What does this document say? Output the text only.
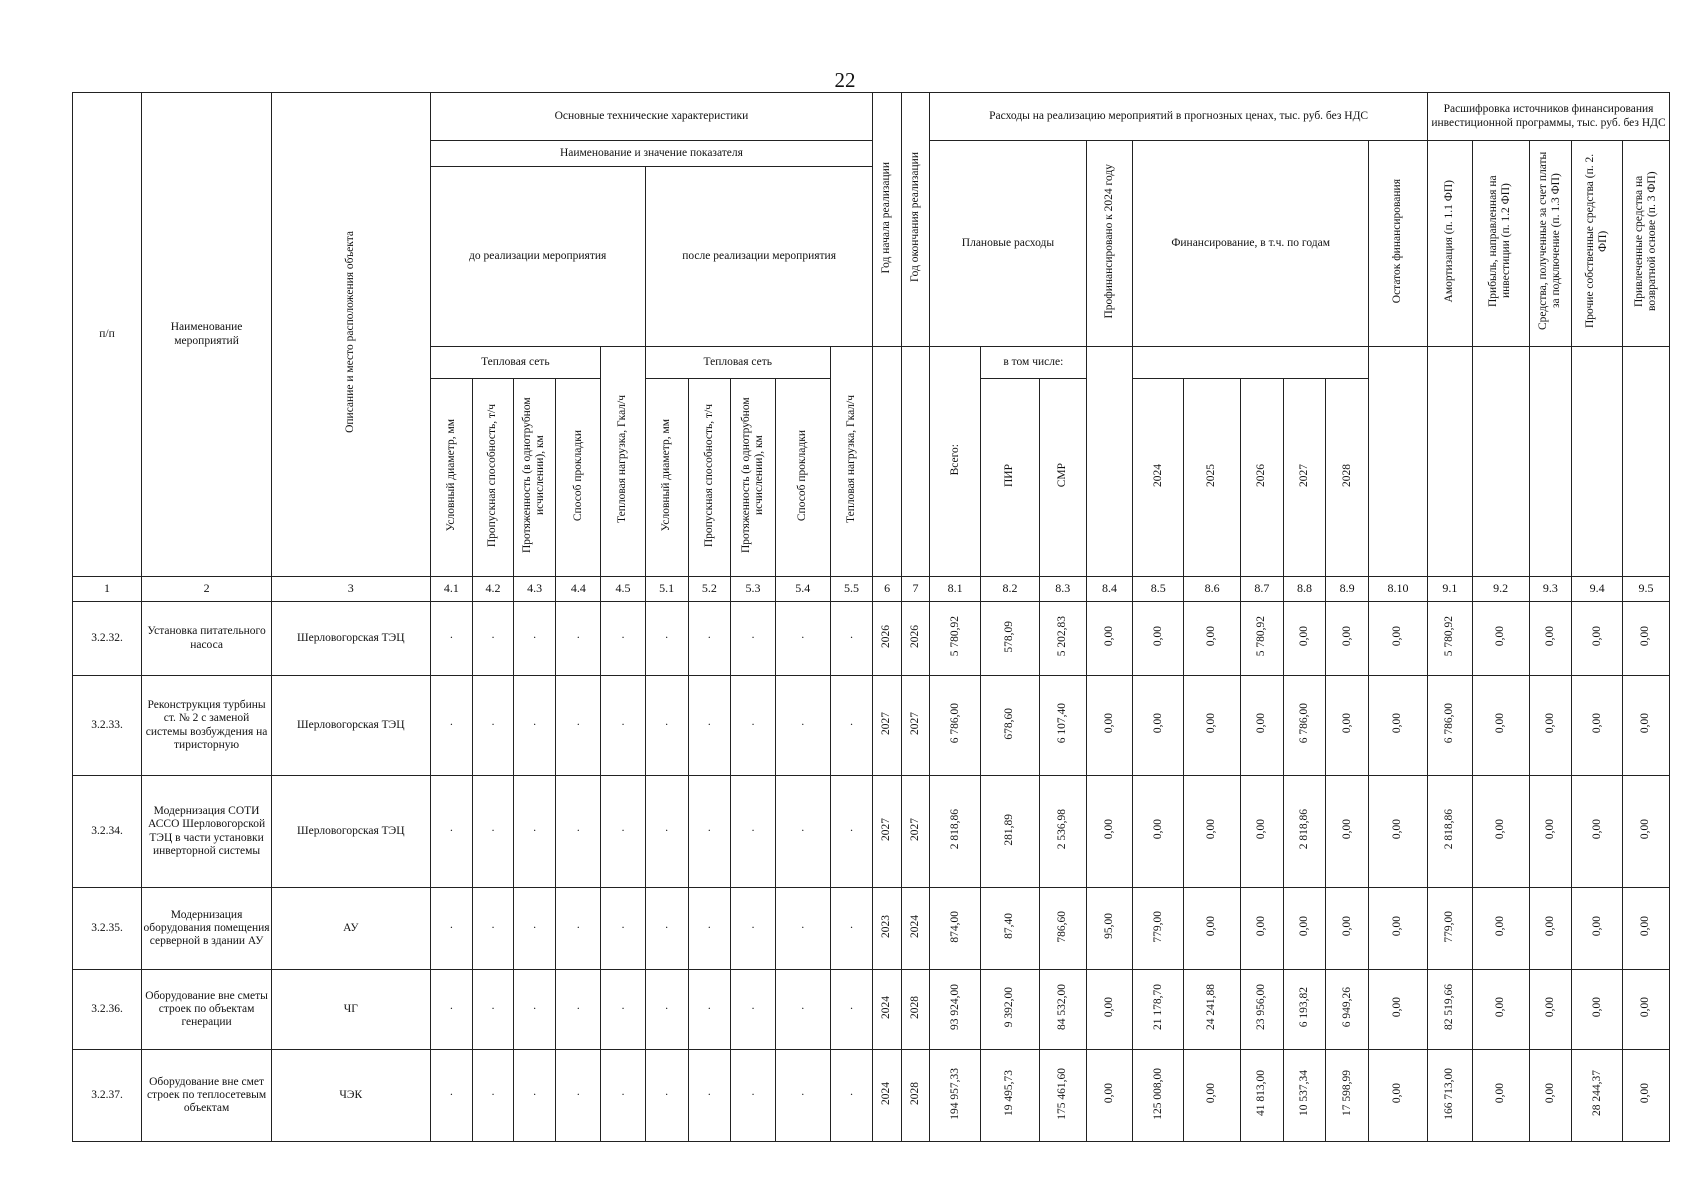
22
п/п	Наименование мероприятий	Описание и место расположения объекта	Основные технические характеристики										Год начала реализации	Год окончания реализации	Расходы на реализацию мероприятий в прогнозных ценах, тыс. руб. без НДС										Расшифровка источников финансирования инвестиционной программы, тыс. руб. без НДС				
			Наименование и значение показателя												Плановые расходы			Профинансировано к 2024 году	Финансирование, в т.ч. по годам					Остаток финансирования	Амортизация (п. 1.1 ФП)	Прибыль, направленная на инвестиции (п. 1.2 ФП)	Средства, полученные за счет платы за подключение (п. 1.3 ФП)	Прочие собственные средства (п. 2. ФП)	Привлеченные средства на возвратной основе (п. 3 ФП)
			до реализации мероприятия					после реализации мероприятия																					
			Тепловая сеть				Тепловая нагрузка, Гкал/ч	Тепловая сеть				Тепловая нагрузка, Гкал/ч			Всего:	в том числе:													
			Условный диаметр, мм	Пропускная способность, т/ч	Протяженность (в однотрубном исчислении), км	Способ прокладки		Условный диаметр, мм	Пропускная способность, т/ч	Протяженность (в однотрубном исчислении), км	Способ прокладки					ПИР	СМР		2024	2025	2026	2027	2028						
1	2	3	4.1	4.2	4.3	4.4	4.5	5.1	5.2	5.3	5.4	5.5	6	7	8.1	8.2	8.3	8.4	8.5	8.6	8.7	8.8	8.9	8.10	9.1	9.2	9.3	9.4	9.5
3.2.32.	Установка питательного насоса	Шерловогорская ТЭЦ	·	·	·	·	·	·	·	·	·	·	2026	2026	5 780,92	578,09	5 202,83	0,00	0,00	0,00	5 780,92	0,00	0,00	0,00	5 780,92	0,00	0,00	0,00	0,00
3.2.33.	Реконструкция турбины ст. № 2 с заменой системы возбуждения на тиристорную	Шерловогорская ТЭЦ	·	·	·	·	·	·	·	·	·	·	2027	2027	6 786,00	678,60	6 107,40	0,00	0,00	0,00	0,00	6 786,00	0,00	0,00	6 786,00	0,00	0,00	0,00	0,00
3.2.34.	Модернизация СОТИ АССО Шерловогорской ТЭЦ в части установки инверторной системы	Шерловогорская ТЭЦ	·	·	·	·	·	·	·	·	·	·	2027	2027	2 818,86	281,89	2 536,98	0,00	0,00	0,00	0,00	2 818,86	0,00	0,00	2 818,86	0,00	0,00	0,00	0,00
3.2.35.	Модернизация оборудования помещения серверной в здании АУ	АУ	·	·	·	·	·	·	·	·	·	·	2023	2024	874,00	87,40	786,60	95,00	779,00	0,00	0,00	0,00	0,00	0,00	779,00	0,00	0,00	0,00	0,00
3.2.36.	Оборудование вне сметы строек по объектам генерации	ЧГ	·	·	·	·	·	·	·	·	·	·	2024	2028	93 924,00	9 392,00	84 532,00	0,00	21 178,70	24 241,88	23 956,00	6 193,82	6 949,26	0,00	82 519,66	0,00	0,00	0,00	0,00
3.2.37.	Оборудование вне смет строек по теплосетевым объектам	ЧЭК	·	·	·	·	·	·	·	·	·	·	2024	2028	194 957,33	19 495,73	175 461,60	0,00	125 008,00	0,00	41 813,00	10 537,34	17 598,99	0,00	166 713,00	0,00	0,00	28 244,37	0,00
